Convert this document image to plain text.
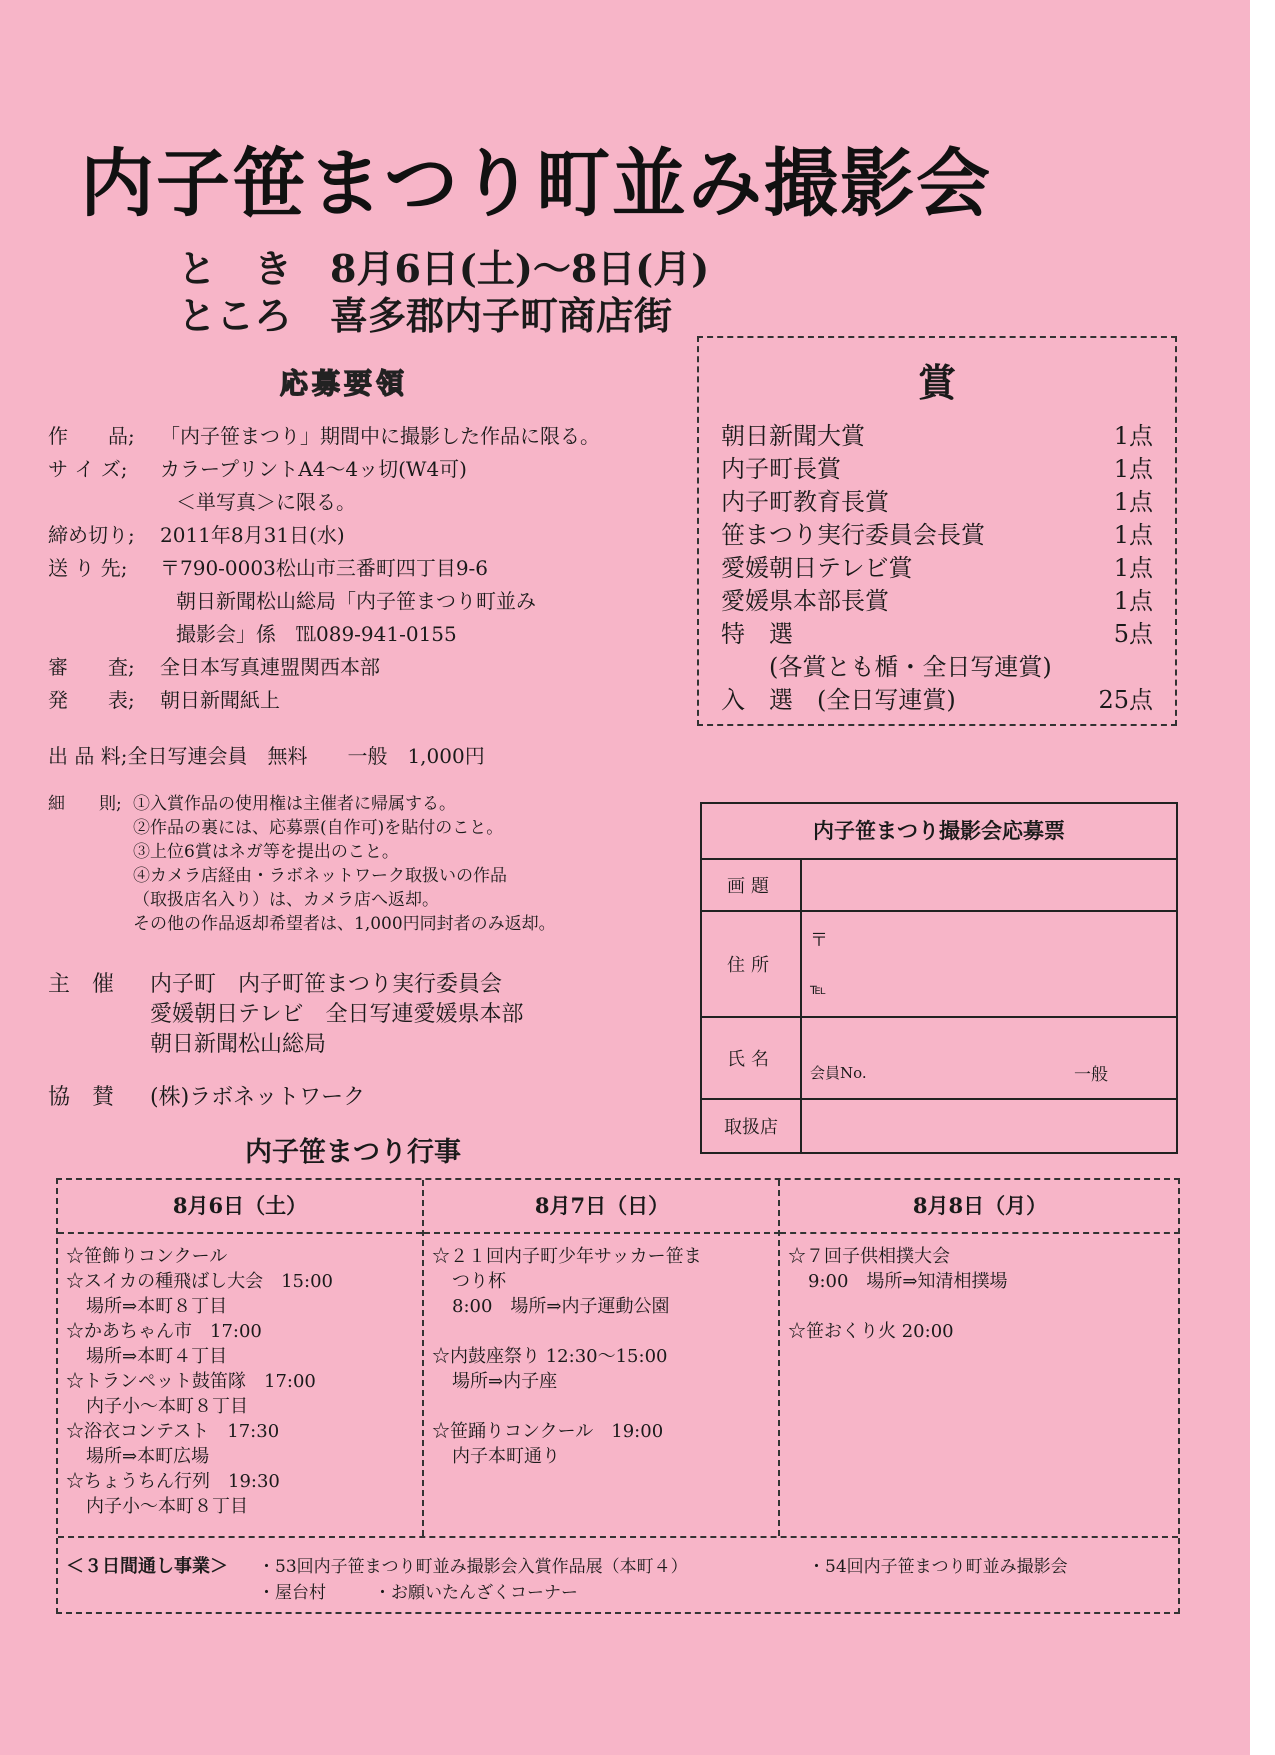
内子笹まつり町並み撮影会
と　き　8月6日(土)～8日(月)
ところ　喜多郡内子町商店街
応募要領
作　　品;	「内子笹まつり」期間中に撮影した作品に限る。
サ イ ズ;	カラープリントA4～4ッ切(W4可)
＜単写真＞に限る。
締め切り;	2011年8月31日(水)
送 り 先;	〒790-0003松山市三番町四丁目9-6
朝日新聞松山総局「内子笹まつり町並み
撮影会」係　℡089-941-0155
審　　査;	全日本写真連盟関西本部
発　　表;	朝日新聞紙上
出 品 料;全日写連会員　無料　　一般　1,000円
細　　則; ①入賞作品の使用権は主催者に帰属する。
②作品の裏には、応募票(自作可)を貼付のこと。
③上位6賞はネガ等を提出のこと。
④カメラ店経由・ラボネットワーク取扱いの作品
（取扱店名入り）は、カメラ店へ返却。
その他の作品返却希望者は、1,000円同封者のみ返却。
主　催	内子町　内子町笹まつり実行委員会
愛媛朝日テレビ　全日写連愛媛県本部
朝日新聞松山総局
協　賛 (株)ラボネットワーク
賞
朝日新聞大賞	1点
内子町長賞	1点
内子町教育長賞	1点
笹まつり実行委員会長賞	1点
愛媛朝日テレビ賞	1点
愛媛県本部長賞	1点
特　選	5点
(各賞とも楯・全日写連賞)
入　選　(全日写連賞)	25点
内子笹まつり撮影会応募票
画題
住所
〒
℡
氏名
会員No.	一般
取扱店
内子笹まつり行事
8月6日（土）
☆笹飾りコンクール
☆スイカの種飛ばし大会　15:00
場所⇒本町８丁目
☆かあちゃん市　17:00
場所⇒本町４丁目
☆トランペット鼓笛隊　17:00
内子小～本町８丁目
☆浴衣コンテスト　17:30
場所⇒本町広場
☆ちょうちん行列　19:30
内子小～本町８丁目
8月7日（日）
☆２１回内子町少年サッカー笹ま
つり杯
8:00　場所⇒内子運動公園
☆内鼓座祭り 12:30～15:00
場所⇒内子座
☆笹踊りコンクール　19:00
内子本町通り
8月8日（月）
☆７回子供相撲大会
9:00　場所⇒知清相撲場
☆笹おくり火 20:00
＜３日間通し事業＞ ・53回内子笹まつり町並み撮影会入賞作品展（本町４）	・54回内子笹まつり町並み撮影会
・屋台村	・お願いたんざくコーナー
